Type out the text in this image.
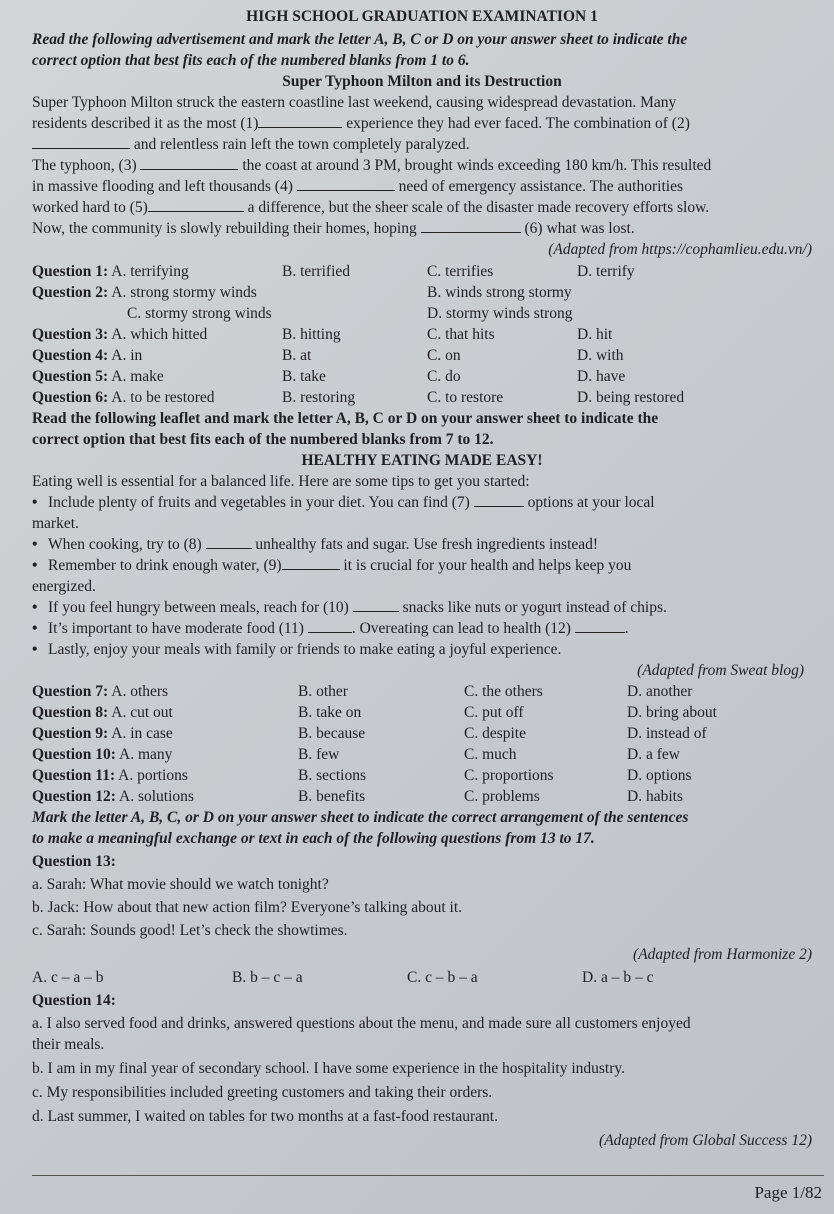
HIGH SCHOOL GRADUATION EXAMINATION 1

Read the following advertisement and mark the letter A, B, C or D on your answer sheet to indicate the

correct option that best fits each of the numbered blanks from 1 to 6.

Super Typhoon Milton and its Destruction

Super Typhoon Milton struck the eastern coastline last weekend, causing widespread devastation. Many

residents described it as the most (1)	experience they had ever faced. The combination of (2)

and relentless rain left the town completely paralyzed.

The typhoon, (3)	the coast at around 3 PM, brought winds exceeding 180 km/h. This resulted

in massive flooding and left thousands (4)	need of emergency assistance. The authorities

worked hard to (5)	a difference, but the sheer scale of the disaster made recovery efforts slow.

Now, the community is slowly rebuilding their homes, hoping	(6) what was lost.

(Adapted from https://cophamlieu.edu.vn/)

Question 1: A. terrifying	B. terrified	C. terrifies	D. terrify
Question 2: A. strong stormy winds	B. winds strong stormy
C. stormy strong winds	D. stormy winds strong
Question 3: A. which hitted	B. hitting	C. that hits	D. hit
Question 4: A. in	B. at	C. on	D. with
Question 5: A. make	B. take	C. do	D. have
Question 6: A. to be restored	B. restoring	C. to restore	D. being restored

Read the following leaflet and mark the letter A, B, C or D on your answer sheet to indicate the

correct option that best fits each of the numbered blanks from 7 to 12.

HEALTHY EATING MADE EASY!

Eating well is essential for a balanced life. Here are some tips to get you started:

• Include plenty of fruits and vegetables in your diet. You can find (7)	options at your local

market.

• When cooking, try to (8)	unhealthy fats and sugar. Use fresh ingredients instead!

• Remember to drink enough water, (9)	it is crucial for your health and helps keep you

energized.

• If you feel hungry between meals, reach for (10)	snacks like nuts or yogurt instead of chips.

• It’s important to have moderate food (11)	. Overeating can lead to health (12)	.

• Lastly, enjoy your meals with family or friends to make eating a joyful experience.

(Adapted from Sweat blog)

Question 7: A. others	B. other	C. the others	D. another
Question 8: A. cut out	B. take on	C. put off	D. bring about
Question 9: A. in case	B. because	C. despite	D. instead of
Question 10: A. many	B. few	C. much	D. a few
Question 11: A. portions	B. sections	C. proportions	D. options
Question 12: A. solutions	B. benefits	C. problems	D. habits

Mark the letter A, B, C, or D on your answer sheet to indicate the correct arrangement of the sentences

to make a meaningful exchange or text in each of the following questions from 13 to 17.

Question 13:

a. Sarah: What movie should we watch tonight?

b. Jack: How about that new action film? Everyone’s talking about it.

c. Sarah: Sounds good! Let’s check the showtimes.

(Adapted from Harmonize 2)

A. c – a – b	B. b – c – a	C. c – b – a	D. a – b – c

Question 14:

a. I also served food and drinks, answered questions about the menu, and made sure all customers enjoyed

their meals.

b. I am in my final year of secondary school. I have some experience in the hospitality industry.

c. My responsibilities included greeting customers and taking their orders.

d. Last summer, I waited on tables for two months at a fast-food restaurant.

(Adapted from Global Success 12)

Page 1/82
